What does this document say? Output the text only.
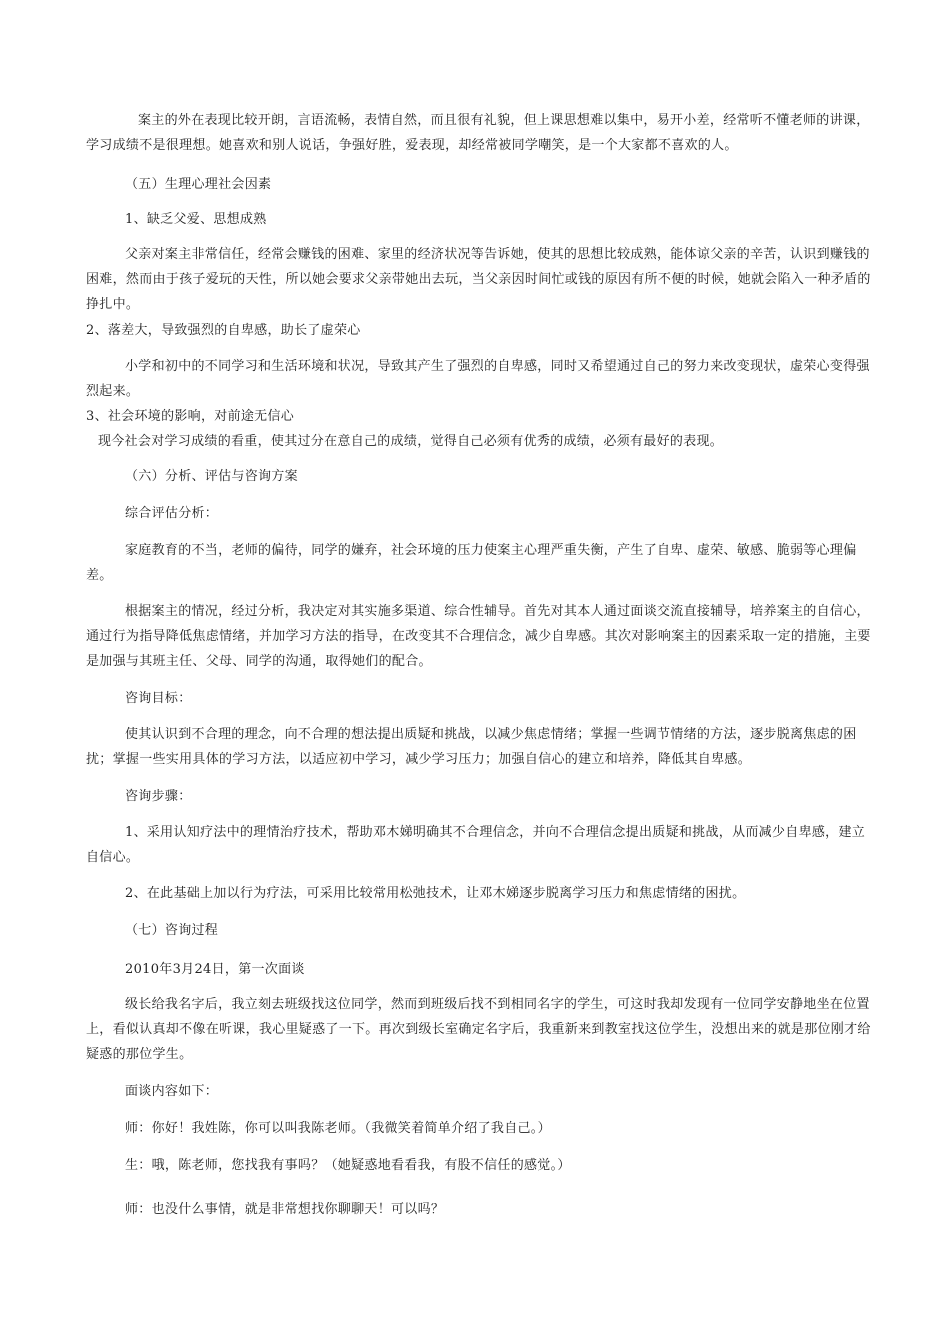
案主的外在表现比较开朗，言语流畅，表情自然，而且很有礼貌，但上课思想难以集中，易开小差，经常听不懂老师的讲课，学习成绩不是很理想。她喜欢和别人说话，争强好胜，爱表现，却经常被同学嘲笑，是一个大家都不喜欢的人。

（五）生理心理社会因素

1、缺乏父爱、思想成熟

父亲对案主非常信任，经常会赚钱的困难、家里的经济状况等告诉她，使其的思想比较成熟，能体谅父亲的辛苦，认识到赚钱的困难，然而由于孩子爱玩的天性，所以她会要求父亲带她出去玩，当父亲因时间忙或钱的原因有所不便的时候，她就会陷入一种矛盾的挣扎中。

2、落差大，导致强烈的自卑感，助长了虚荣心

小学和初中的不同学习和生活环境和状况，导致其产生了强烈的自卑感，同时又希望通过自己的努力来改变现状，虚荣心变得强烈起来。

3、社会环境的影响，对前途无信心

现今社会对学习成绩的看重，使其过分在意自己的成绩，觉得自己必须有优秀的成绩，必须有最好的表现。

（六）分析、评估与咨询方案

综合评估分析：

家庭教育的不当，老师的偏待，同学的嫌弃，社会环境的压力使案主心理严重失衡，产生了自卑、虚荣、敏感、脆弱等心理偏差。

根据案主的情况，经过分析，我决定对其实施多渠道、综合性辅导。首先对其本人通过面谈交流直接辅导，培养案主的自信心，通过行为指导降低焦虑情绪，并加学习方法的指导，在改变其不合理信念，减少自卑感。其次对影响案主的因素采取一定的措施，主要是加强与其班主任、父母、同学的沟通，取得她们的配合。

咨询目标：

使其认识到不合理的理念，向不合理的想法提出质疑和挑战，以减少焦虑情绪；掌握一些调节情绪的方法，逐步脱离焦虑的困扰；掌握一些实用具体的学习方法，以适应初中学习，减少学习压力；加强自信心的建立和培养，降低其自卑感。

咨询步骤：

1、采用认知疗法中的理情治疗技术，帮助邓木娣明确其不合理信念，并向不合理信念提出质疑和挑战，从而减少自卑感，建立自信心。

2、在此基础上加以行为疗法，可采用比较常用松弛技术，让邓木娣逐步脱离学习压力和焦虑情绪的困扰。

（七）咨询过程

2010年3月24日，第一次面谈

级长给我名字后，我立刻去班级找这位同学，然而到班级后找不到相同名字的学生，可这时我却发现有一位同学安静地坐在位置上，看似认真却不像在听课，我心里疑惑了一下。再次到级长室确定名字后，我重新来到教室找这位学生，没想出来的就是那位刚才给疑惑的那位学生。

面谈内容如下：

师：你好！我姓陈，你可以叫我陈老师。（我微笑着简单介绍了我自己。）

生：哦，陈老师，您找我有事吗？（她疑惑地看看我，有股不信任的感觉。）

师：也没什么事情，就是非常想找你聊聊天！可以吗？
